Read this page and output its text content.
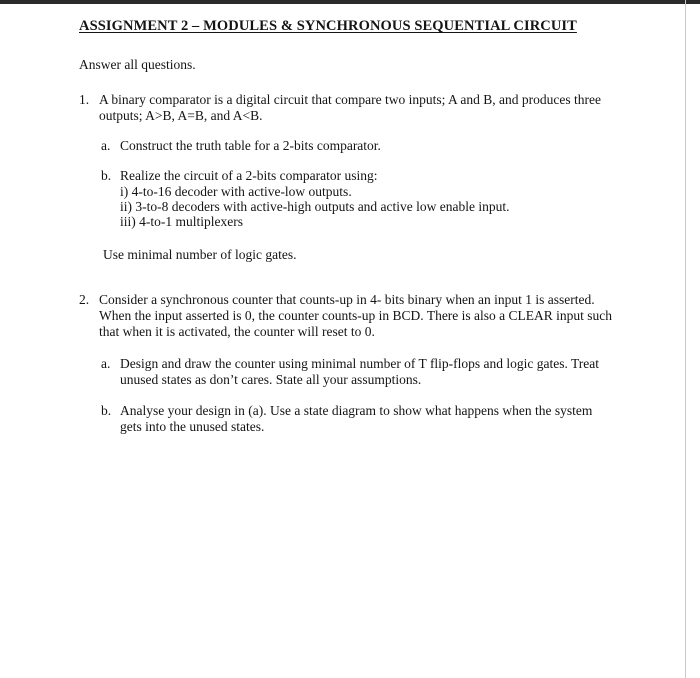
ASSIGNMENT 2 – MODULES & SYNCHRONOUS SEQUENTIAL CIRCUIT
Answer all questions.
1. A binary comparator is a digital circuit that compare two inputs; A and B, and produces three
outputs; A>B, A=B, and A<B.
a. Construct the truth table for a 2-bits comparator.
b. Realize the circuit of a 2-bits comparator using:
i) 4-to-16 decoder with active-low outputs.
ii) 3-to-8 decoders with active-high outputs and active low enable input.
iii) 4-to-1 multiplexers
Use minimal number of logic gates.
2. Consider a synchronous counter that counts-up in 4- bits binary when an input 1 is asserted.
When the input asserted is 0, the counter counts-up in BCD. There is also a CLEAR input such
that when it is activated, the counter will reset to 0.
a. Design and draw the counter using minimal number of T flip-flops and logic gates. Treat
unused states as don’t cares. State all your assumptions.
b. Analyse your design in (a). Use a state diagram to show what happens when the system
gets into the unused states.
